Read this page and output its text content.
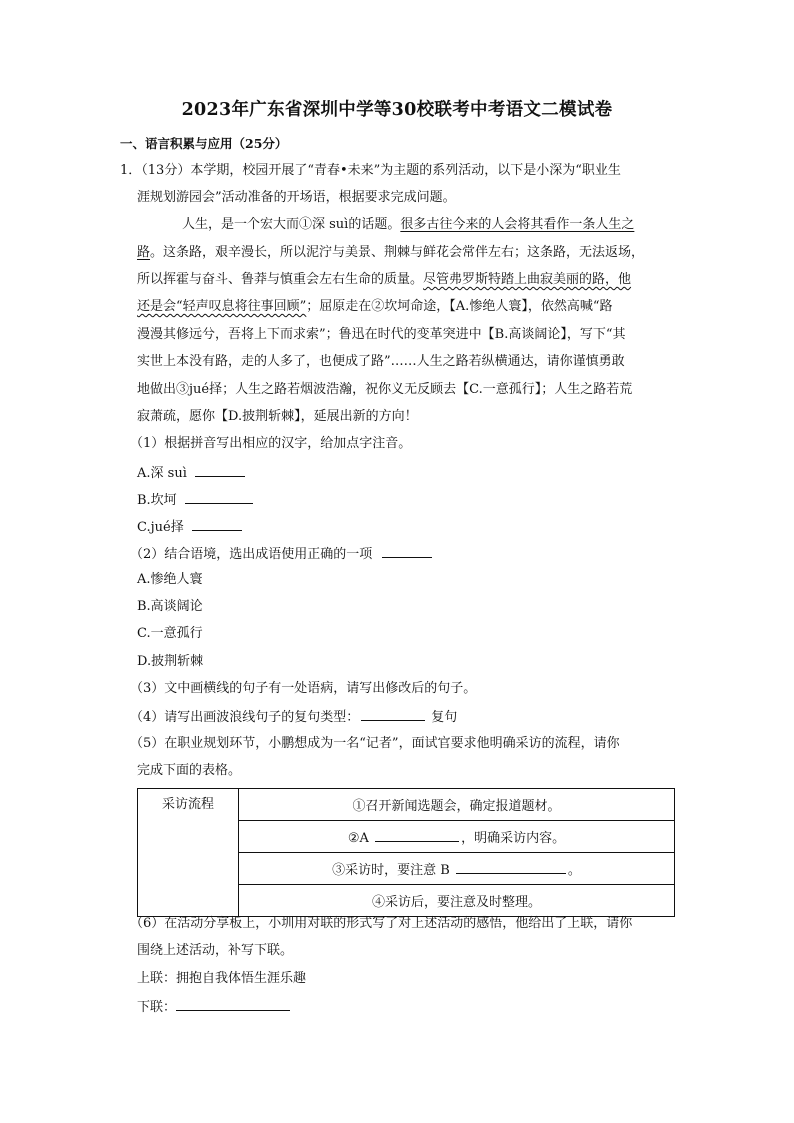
2023年广东省深圳中学等30校联考中考语文二模试卷
一、语言积累与应用（25分）
1．（13分）本学期，校园开展了“青春•未来”为主题的系列活动，以下是小深为“职业生
涯规划游园会”活动准备的开场语，根据要求完成问题。
人生，是一个宏大而①深 suì的话题。很多古往今来的人会将其看作一条人生之
路。这条路，艰辛漫长，所以泥泞与美景、荆棘与鲜花会常伴左右；这条路，无法返场，
所以挥霍与奋斗、鲁莽与慎重会左右生命的质量。尽管弗罗斯特踏上曲寂美丽的路，他
还是会“轻声叹息将往事回顾”；屈原走在②坎坷命途，【A.惨绝人寰】，依然高喊“路
漫漫其修远兮，吾将上下而求索”；鲁迅在时代的变革突进中【B.高谈阔论】，写下“其
实世上本没有路，走的人多了，也便成了路”……人生之路若纵横通达，请你谨慎勇敢
地做出③jué择；人生之路若烟波浩瀚，祝你义无反顾去【C.一意孤行】；人生之路若荒
寂萧疏，愿你【D.披荆斩棘】，延展出新的方向！
（1）根据拼音写出相应的汉字，给加点字注音。
A.深 suì
B.坎坷
C.jué择
（2）结合语境，选出成语使用正确的一项
A.惨绝人寰
B.高谈阔论
C.一意孤行
D.披荆斩棘
（3）文中画横线的句子有一处语病，请写出修改后的句子。
（4）请写出画波浪线句子的复句类型：	复句
（5）在职业规划环节，小鹏想成为一名“记者”，面试官要求他明确采访的流程，请你
完成下面的表格。
采访流程	①召开新闻选题会，确定报道题材。
②A	，明确采访内容。
③采访时，要注意 B	。
④采访后，要注意及时整理。
（6）在活动分享板上，小圳用对联的形式写了对上述活动的感悟，他给出了上联，请你
围绕上述活动，补写下联。
上联：拥抱自我体悟生涯乐趣
下联：
